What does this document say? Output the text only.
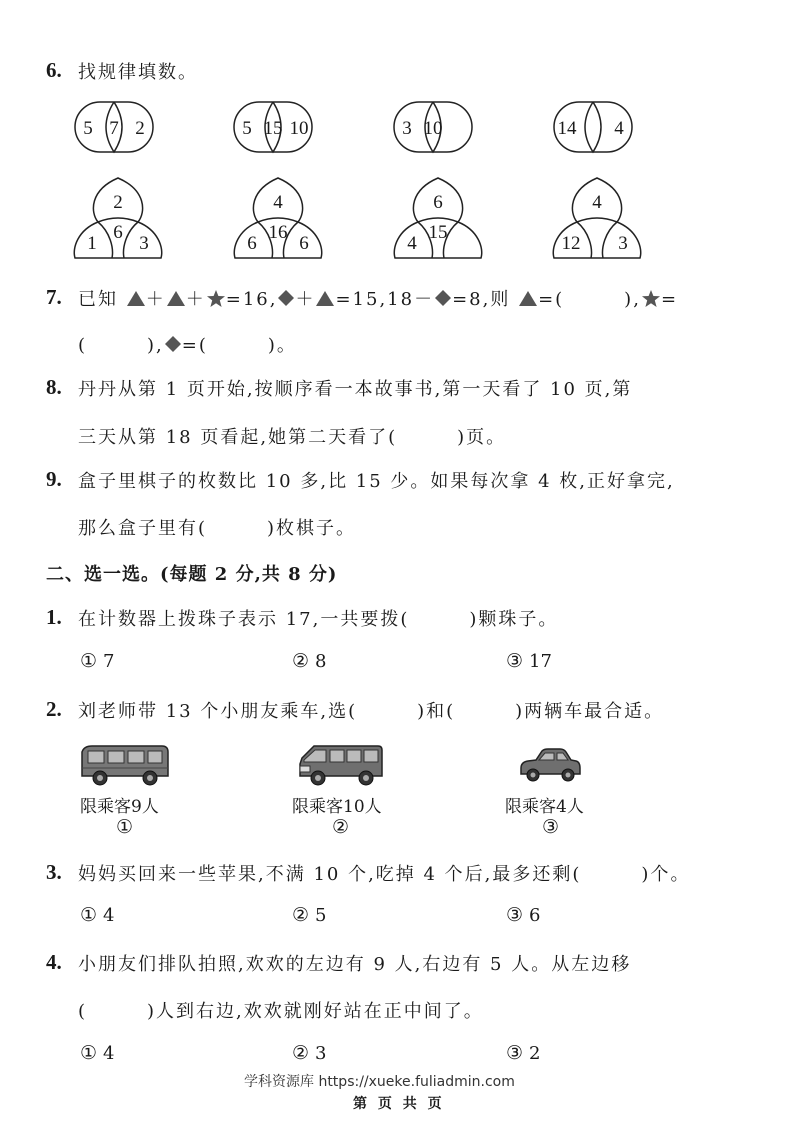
6. 找规律填数。
5 7 2	5 15 10	3 10	14 4
2
1 3
6
4
6 6
16
6
4
15
4
12 3
7. 已知 ＋ ＋ =16, ＋ =15,18－ =8,则 =(　　　), =
(　　　), =(　　　)。
8. 丹丹从第 1 页开始,按顺序看一本故事书,第一天看了 10 页,第
三天从第 18 页看起,她第二天看了(　　　)页。
9. 盒子里棋子的枚数比 10 多,比 15 少。如果每次拿 4 枚,正好拿完,
那么盒子里有(　　　)枚棋子。
二、选一选。(每题 2 分,共 8 分)
1. 在计数器上拨珠子表示 17,一共要拨(　　　)颗珠子。
① 7	② 8	③ 17
2. 刘老师带 13 个小朋友乘车,选(　　　)和(　　　)两辆车最合适。
限乘客9人	限乘客10人	限乘客4人
①	②	③
3. 妈妈买回来一些苹果,不满 10 个,吃掉 4 个后,最多还剩(　　　)个。
① 4	② 5	③ 6
4. 小朋友们排队拍照,欢欢的左边有 9 人,右边有 5 人。从左边移
(　　　)人到右边,欢欢就刚好站在正中间了。
① 4	② 3	③ 2
学科资源库 https://xueke.fuliadmin.com
第 页 共 页
